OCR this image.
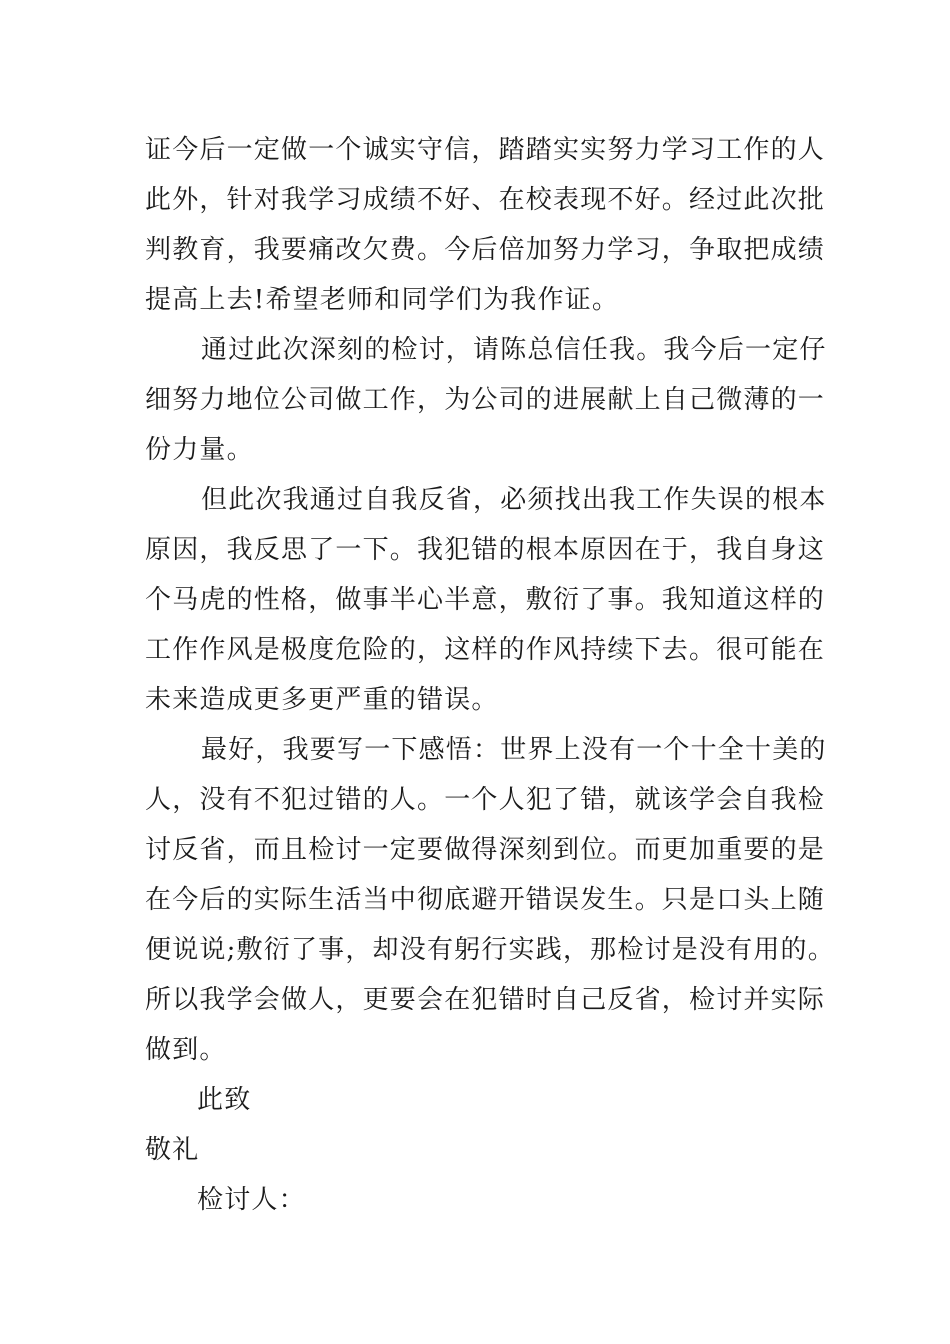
证今后一定做一个诚实守信，踏踏实实努力学习工作的人
此外，针对我学习成绩不好、在校表现不好。经过此次批
判教育，我要痛改欠费。今后倍加努力学习，争取把成绩
提高上去!希望老师和同学们为我作证。
通过此次深刻的检讨，请陈总信任我。我今后一定仔
细努力地位公司做工作，为公司的进展献上自己微薄的一
份力量。
但此次我通过自我反省，必须找出我工作失误的根本
原因，我反思了一下。我犯错的根本原因在于，我自身这
个马虎的性格，做事半心半意，敷衍了事。我知道这样的
工作作风是极度危险的，这样的作风持续下去。很可能在
未来造成更多更严重的错误。
最好，我要写一下感悟：世界上没有一个十全十美的
人，没有不犯过错的人。一个人犯了错，就该学会自我检
讨反省，而且检讨一定要做得深刻到位。而更加重要的是
在今后的实际生活当中彻底避开错误发生。只是口头上随
便说说;敷衍了事，却没有躬行实践，那检讨是没有用的。
所以我学会做人，更要会在犯错时自己反省，检讨并实际
做到。
此致
敬礼
检讨人：
